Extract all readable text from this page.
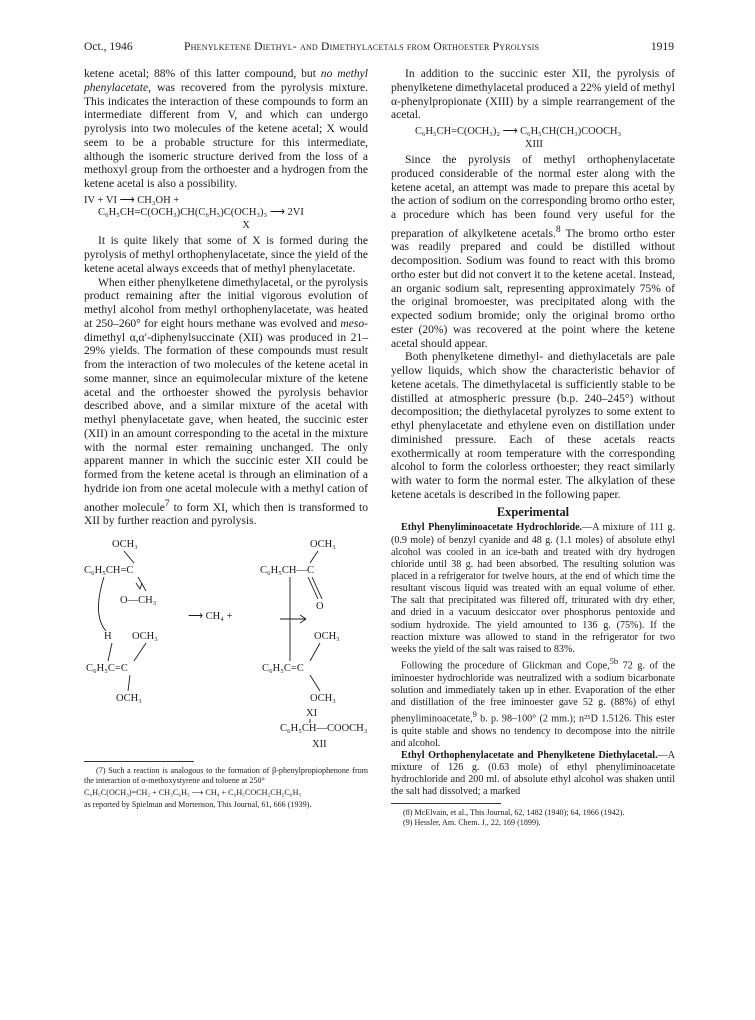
Oct., 1946	Phenylketene Diethyl- and Dimethylacetals from Orthoester Pyrolysis	1919

ketene acetal; 88% of this latter compound, but no methyl phenylacetate, was recovered from the pyrolysis mixture. This indicates the interaction of these compounds to form an intermediate different from V, and which can undergo pyrolysis into two molecules of the ketene acetal; X would seem to be a probable structure for this intermediate, although the isomeric structure derived from the loss of a methoxyl group from the orthoester and a hydrogen from the ketene acetal is also a possibility.

IV + VI ⟶ CH₃OH +
C₆H₅CH=C(OCH₃)CH(C₆H₅)C(OCH₃)₃ ⟶ 2VI
X

It is quite likely that some of X is formed during the pyrolysis of methyl orthophenylacetate, since the yield of the ketene acetal always exceeds that of methyl phenylacetate.

When either phenylketene dimethylacetal, or the pyrolysis product remaining after the initial vigorous evolution of methyl alcohol from methyl orthophenylacetate, was heated at 250–260° for eight hours methane was evolved and meso-dimethyl α,α′-diphenylsuccinate (XII) was produced in 21–29% yields. The formation of these compounds must result from the interaction of two molecules of the ketene acetal in some manner, since an equimolecular mixture of the ketene acetal and the orthoester showed the pyrolysis behavior described above, and a similar mixture of the acetal with methyl phenylacetate gave, when heated, the succinic ester (XII) in an amount corresponding to the acetal in the mixture with the normal ester remaining unchanged. The only apparent manner in which the succinic ester XII could be formed from the ketene acetal is through an elimination of a hydride ion from one acetal molecule with a methyl cation of another molecule$^7$ to form XI, which then is transformed to XII by further reaction and pyrolysis.

OCH₃
C₆H₅CH=C
O—CH₃
H OCH₃
C₆H₅C=C
OCH₃
⟶ CH₄ +
OCH₃
C₆H₅CH—C
O
OCH₃
C₆H₅C=C
OCH₃
XI
C₆H₅CH—COOCH₃
XII

(7) Such a reaction is analogous to the formation of β-phenylpropiophenone from the interaction of α-methoxystyrene and toluene at 250°

C₆H₅C(OCH₃)=CH₂ + CH₃C₆H₅ ⟶ CH₄ + C₆H₅COCH₂CH₂C₆H₅

as reported by Spielman and Mortenson, This Journal, 61, 666 (1939).

In addition to the succinic ester XII, the pyrolysis of phenylketene dimethylacetal produced a 22% yield of methyl α-phenylpropionate (XIII) by a simple rearrangement of the acetal.

C₆H₅CH=C(OCH₃)₂ ⟶ C₆H₅CH(CH₃)COOCH₃
XIII

Since the pyrolysis of methyl orthophenylacetate produced considerable of the normal ester along with the ketene acetal, an attempt was made to prepare this acetal by the action of sodium on the corresponding bromo ortho ester, a procedure which has been found very useful for the preparation of alkylketene acetals.$^8$ The bromo ortho ester was readily prepared and could be distilled without decomposition. Sodium was found to react with this bromo ortho ester but did not convert it to the ketene acetal. Instead, an organic sodium salt, representing approximately 75% of the original bromoester, was precipitated along with the expected sodium bromide; only the original bromo ortho ester (20%) was recovered at the point where the ketene acetal should appear.

Both phenylketene dimethyl- and diethylacetals are pale yellow liquids, which show the characteristic behavior of ketene acetals. The dimethylacetal is sufficiently stable to be distilled at atmospheric pressure (b.p. 240–245°) without decomposition; the diethylacetal pyrolyzes to some extent to ethyl phenylacetate and ethylene even on distillation under diminished pressure. Each of these acetals reacts exothermically at room temperature with the corresponding alcohol to form the colorless orthoester; they react similarly with water to form the normal ester. The alkylation of these ketene acetals is described in the following paper.

Experimental

Ethyl Phenyliminoacetate Hydrochloride.—A mixture of 111 g. (0.9 mole) of benzyl cyanide and 48 g. (1.1 moles) of absolute ethyl alcohol was cooled in an ice-bath and treated with dry hydrogen chloride until 38 g. had been absorbed. The resulting solution was placed in a refrigerator for twelve hours, at the end of which time the resultant viscous liquid was treated with an equal volume of ether. The salt that precipitated was filtered off, triturated with dry ether, and dried in a vacuum desiccator over phosphorus pentoxide and sodium hydroxide. The yield amounted to 136 g. (75%). If the reaction mixture was allowed to stand in the refrigerator for two weeks the yield of the salt was raised to 83%.

Following the procedure of Glickman and Cope,$^{5b}$ 72 g. of the iminoester hydrochloride was neutralized with a sodium bicarbonate solution and immediately taken up in ether. Evaporation of the ether and distillation of the free iminoester gave 52 g. (88%) of ethyl phenyliminoacetate,$^9$ b. p. 98–100° (2 mm.); n²⁵D 1.5126. This ester is quite stable and shows no tendency to decompose into the nitrile and alcohol.

Ethyl Orthophenylacetate and Phenylketene Diethylacetal.—A mixture of 126 g. (0.63 mole) of ethyl phenyliminoacetate hydrochloride and 200 ml. of absolute ethyl alcohol was shaken until the salt had dissolved; a marked

(8) McElvain, et al., This Journal, 62, 1482 (1940); 64, 1966 (1942).

(9) Hessler, Am. Chem. J., 22, 169 (1899).
